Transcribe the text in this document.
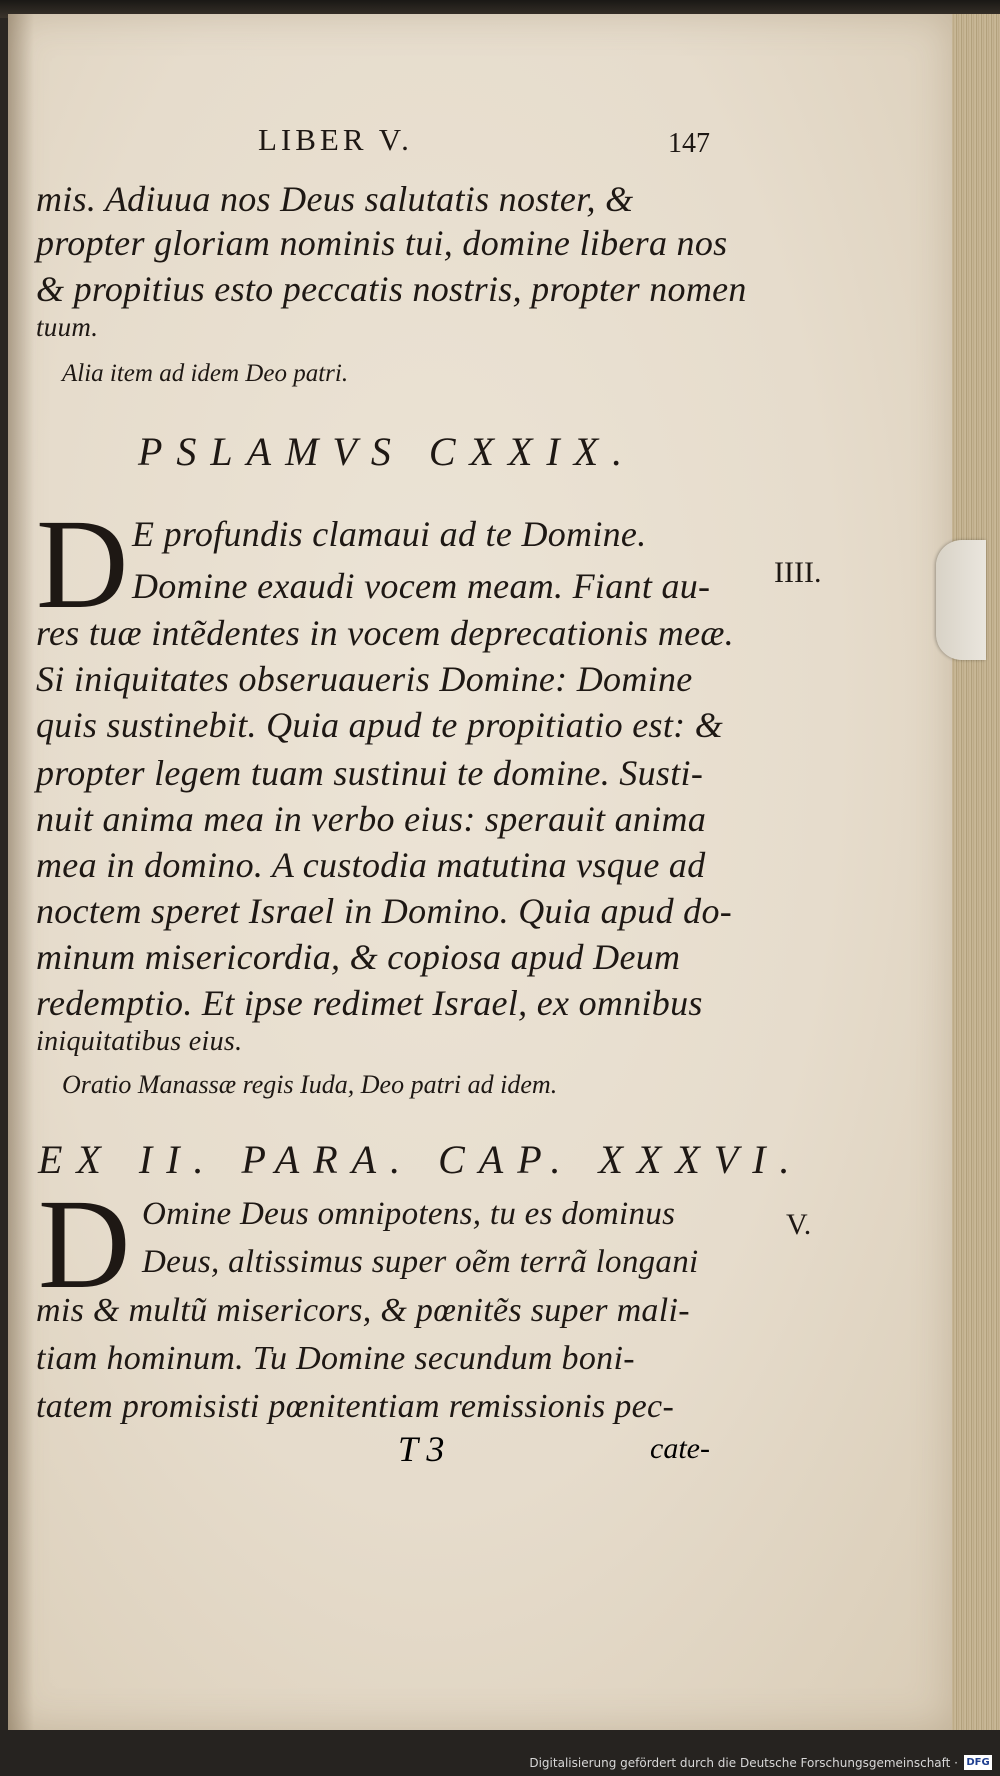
LIBER V.	147
mis. Adiuua nos Deus salutatis noster, &
propter gloriam nominis tui, domine libera nos
& propitius esto peccatis nostris, propter nomen
tuum.
Alia item ad idem Deo patri.
PSLAMVS CXXIX.
D	IIII.
E profundis clamaui ad te Domine.
Domine exaudi vocem meam. Fiant au-
res tuæ intẽdentes in vocem deprecationis meæ.
Si iniquitates obseruaueris Domine: Domine
quis sustinebit. Quia apud te propitiatio est: &
propter legem tuam sustinui te domine. Susti-
nuit anima mea in verbo eius: sperauit anima
mea in domino. A custodia matutina vsque ad
noctem speret Israel in Domino. Quia apud do-
minum misericordia, & copiosa apud Deum
redemptio. Et ipse redimet Israel, ex omnibus
iniquitatibus eius.
Oratio Manassæ regis Iuda, Deo patri ad idem.
EX II. PARA. CAP. XXXVI.
D	V.
Omine Deus omnipotens, tu es dominus
Deus, altissimus super oẽm terrã longani
mis & multũ misericors, & pœnitẽs super mali-
tiam hominum. Tu Domine secundum boni-
tatem promisisti pœnitentiam remissionis pec-
T 3	cate-
Digitalisierung gefördert durch die Deutsche Forschungsgemeinschaft · DFG
